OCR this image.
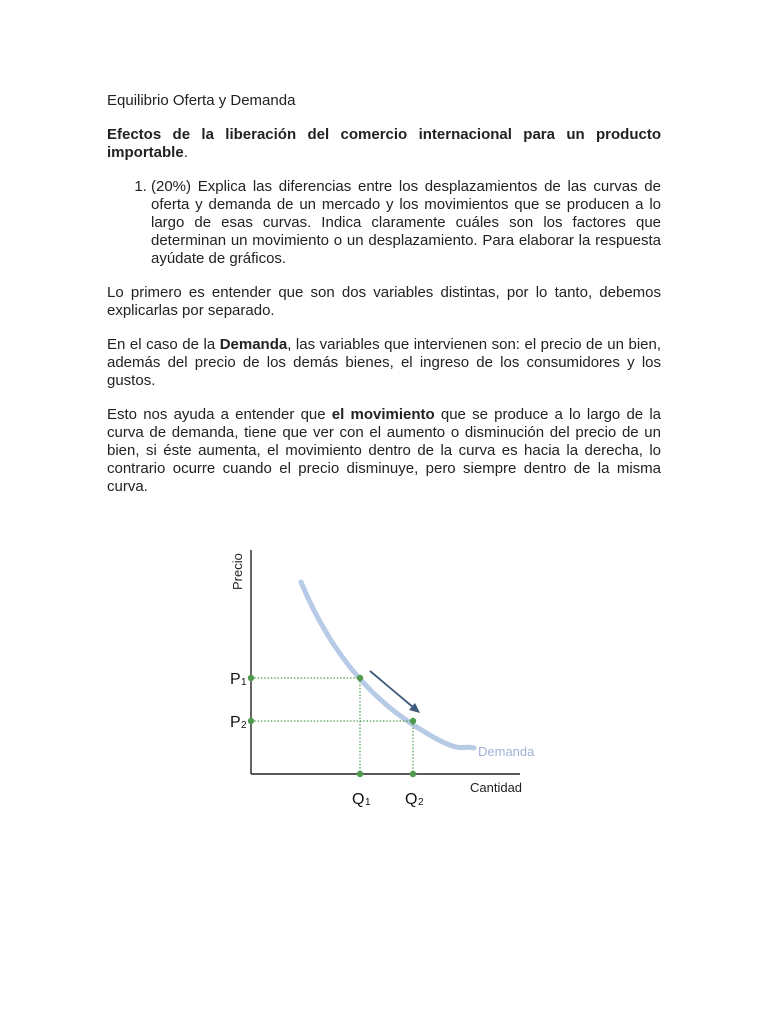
Equilibrio Oferta y Demanda

Efectos de la liberación del comercio internacional para un producto importable.

1. (20%) Explica las diferencias entre los desplazamientos de las curvas de oferta y demanda de un mercado y los movimientos que se producen a lo largo de esas curvas. Indica claramente cuáles son los factores que determinan un movimiento o un desplazamiento. Para elaborar la respuesta ayúdate de gráficos.

Lo primero es entender que son dos variables distintas, por lo tanto, debemos explicarlas por separado.

En el caso de la Demanda, las variables que intervienen son: el precio de un bien, además del precio de los demás bienes, el ingreso de los consumidores y los gustos.

Esto nos ayuda a entender que el movimiento que se produce a lo largo de la curva de demanda, tiene que ver con el aumento o disminución del precio de un bien, si éste aumenta, el movimiento dentro de la curva es hacia la derecha, lo contrario ocurre cuando el precio disminuye, pero siempre dentro de la misma curva.

Precio
Cantidad
Demanda
P 1
Q 1
P 2
Q 2
